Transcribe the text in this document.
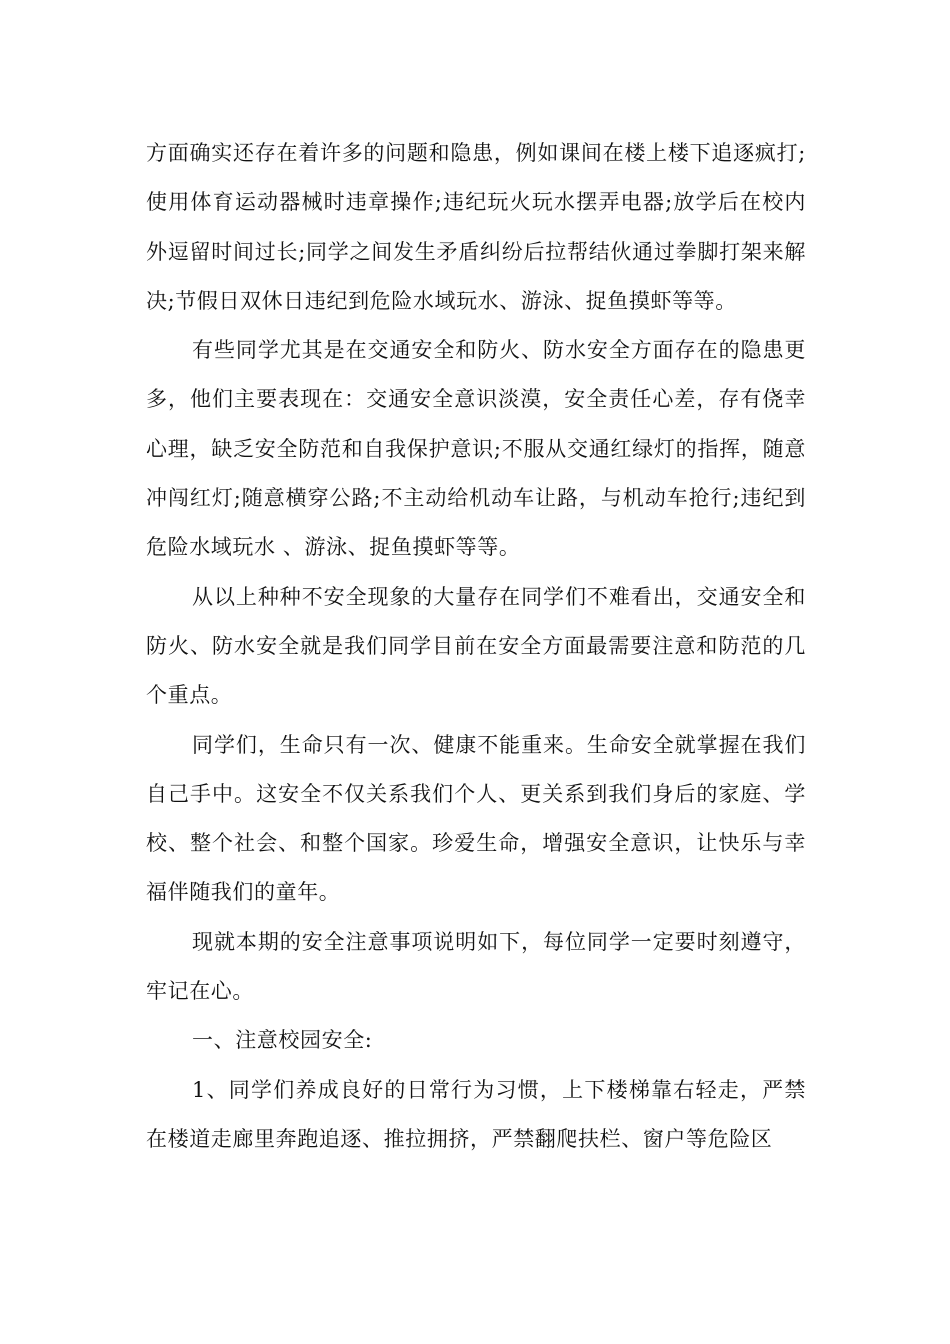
方面确实还存在着许多的问题和隐患，例如课间在楼上楼下追逐疯打;使用体育运动器械时违章操作;违纪玩火玩水摆弄电器;放学后在校内外逗留时间过长;同学之间发生矛盾纠纷后拉帮结伙通过拳脚打架来解决;节假日双休日违纪到危险水域玩水、游泳、捉鱼摸虾等等。

有些同学尤其是在交通安全和防火、防水安全方面存在的隐患更多，他们主要表现在：交通安全意识淡漠，安全责任心差，存有侥幸心理，缺乏安全防范和自我保护意识;不服从交通红绿灯的指挥，随意冲闯红灯;随意横穿公路;不主动给机动车让路，与机动车抢行;违纪到危险水域玩水 、游泳、捉鱼摸虾等等。

从以上种种不安全现象的大量存在同学们不难看出，交通安全和防火、防水安全就是我们同学目前在安全方面最需要注意和防范的几个重点。

同学们，生命只有一次、健康不能重来。生命安全就掌握在我们自己手中。这安全不仅关系我们个人、更关系到我们身后的家庭、学校、整个社会、和整个国家。珍爱生命，增强安全意识，让快乐与幸福伴随我们的童年。

现就本期的安全注意事项说明如下，每位同学一定要时刻遵守，牢记在心。

一、注意校园安全:

1、同学们养成良好的日常行为习惯，上下楼梯靠右轻走，严禁在楼道走廊里奔跑追逐、推拉拥挤，严禁翻爬扶栏、窗户等危险区
